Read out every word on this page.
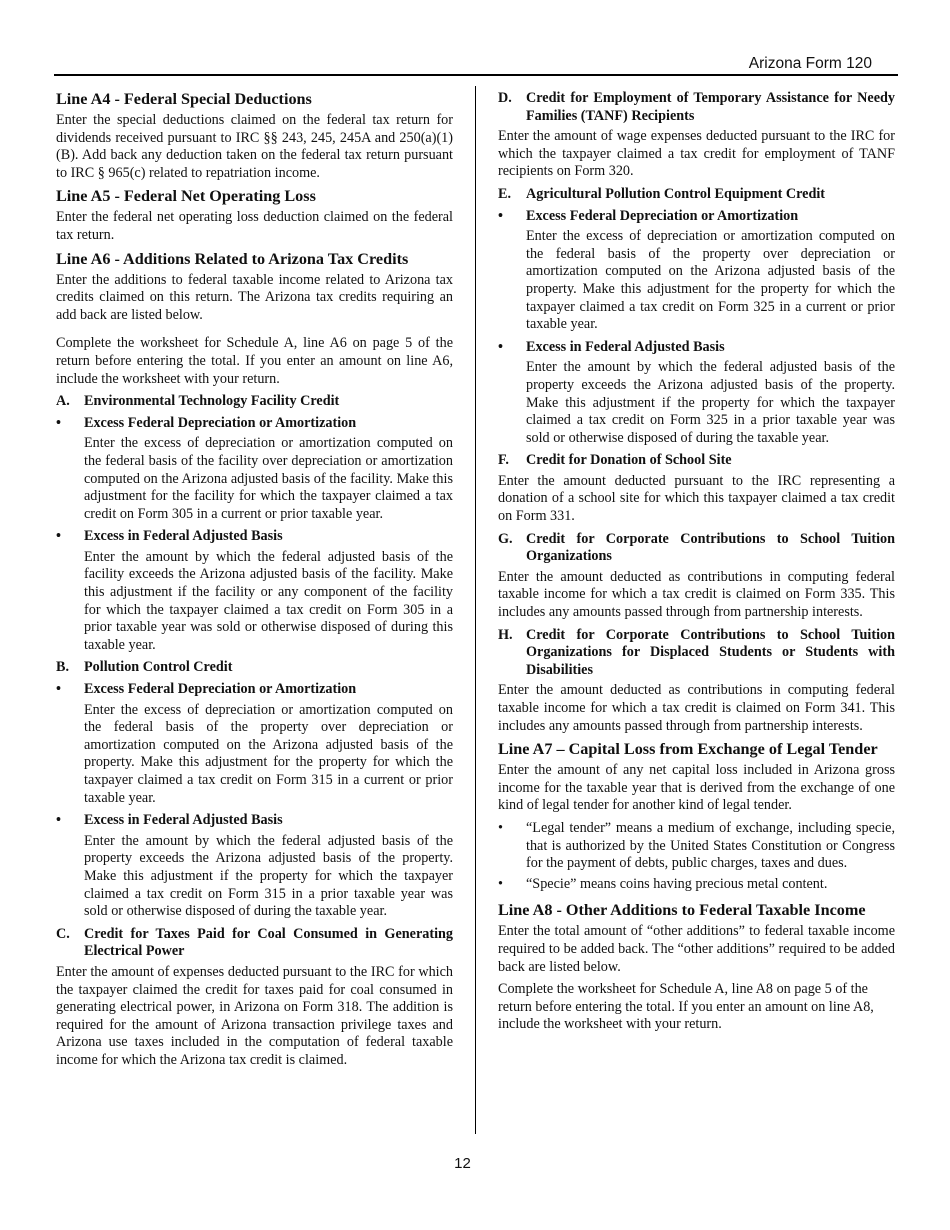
Arizona Form 120
Line A4 - Federal Special Deductions
Enter the special deductions claimed on the federal tax return for dividends received pursuant to IRC §§ 243, 245, 245A and 250(a)(1)(B). Add back any deduction taken on the federal tax return pursuant to IRC § 965(c) related to repatriation income.
Line A5 - Federal Net Operating Loss
Enter the federal net operating loss deduction claimed on the federal tax return.
Line A6 - Additions Related to Arizona Tax Credits
Enter the additions to federal taxable income related to Arizona tax credits claimed on this return. The Arizona tax credits requiring an add back are listed below.
Complete the worksheet for Schedule A, line A6 on page 5 of the return before entering the total. If you enter an amount on line A6, include the worksheet with your return.
A.	Environmental Technology Facility Credit
•	Excess Federal Depreciation or Amortization
Enter the excess of depreciation or amortization computed on the federal basis of the facility over depreciation or amortization computed on the Arizona adjusted basis of the facility. Make this adjustment for the facility for which the taxpayer claimed a tax credit on Form 305 in a current or prior taxable year.
•	Excess in Federal Adjusted Basis
Enter the amount by which the federal adjusted basis of the facility exceeds the Arizona adjusted basis of the facility. Make this adjustment if the facility or any component of the facility for which the taxpayer claimed a tax credit on Form 305 in a prior taxable year was sold or otherwise disposed of during this taxable year.
B.	Pollution Control Credit
•	Excess Federal Depreciation or Amortization
Enter the excess of depreciation or amortization computed on the federal basis of the property over depreciation or amortization computed on the Arizona adjusted basis of the property. Make this adjustment for the property for which the taxpayer claimed a tax credit on Form 315 in a current or prior taxable year.
•	Excess in Federal Adjusted Basis
Enter the amount by which the federal adjusted basis of the property exceeds the Arizona adjusted basis of the property. Make this adjustment if the property for which the taxpayer claimed a tax credit on Form 315 in a prior taxable year was sold or otherwise disposed of during the taxable year.
C.	Credit for Taxes Paid for Coal Consumed in Generating Electrical Power
Enter the amount of expenses deducted pursuant to the IRC for which the taxpayer claimed the credit for taxes paid for coal consumed in generating electrical power, in Arizona on Form 318. The addition is required for the amount of Arizona transaction privilege taxes and Arizona use taxes included in the computation of federal taxable income for which the Arizona tax credit is claimed.
D.	Credit for Employment of Temporary Assistance for Needy Families (TANF) Recipients
Enter the amount of wage expenses deducted pursuant to the IRC for which the taxpayer claimed a tax credit for employment of TANF recipients on Form 320.
E.	Agricultural Pollution Control Equipment Credit
•	Excess Federal Depreciation or Amortization
Enter the excess of depreciation or amortization computed on the federal basis of the property over depreciation or amortization computed on the Arizona adjusted basis of the property. Make this adjustment for the property for which the taxpayer claimed a tax credit on Form 325 in a current or prior taxable year.
•	Excess in Federal Adjusted Basis
Enter the amount by which the federal adjusted basis of the property exceeds the Arizona adjusted basis of the property. Make this adjustment if the property for which the taxpayer claimed a tax credit on Form 325 in a prior taxable year was sold or otherwise disposed of during the taxable year.
F.	Credit for Donation of School Site
Enter the amount deducted pursuant to the IRC representing a donation of a school site for which this taxpayer claimed a tax credit on Form 331.
G. Credit for Corporate Contributions to School Tuition Organizations
Enter the amount deducted as contributions in computing federal taxable income for which a tax credit is claimed on Form 335. This includes any amounts passed through from partnership interests.
H. Credit for Corporate Contributions to School Tuition Organizations for Displaced Students or Students with Disabilities
Enter the amount deducted as contributions in computing federal taxable income for which a tax credit is claimed on Form 341. This includes any amounts passed through from partnership interests.
Line A7 – Capital Loss from Exchange of Legal Tender
Enter the amount of any net capital loss included in Arizona gross income for the taxable year that is derived from the exchange of one kind of legal tender for another kind of legal tender.
•	“Legal tender” means a medium of exchange, including specie, that is authorized by the United States Constitution or Congress for the payment of debts, public charges, taxes and dues.
•	“Specie” means coins having precious metal content.
Line A8 - Other Additions to Federal Taxable Income
Enter the total amount of “other additions” to federal taxable income required to be added back. The “other additions” required to be added back are listed below.
Complete the worksheet for Schedule A, line A8 on page 5 of the return before entering the total. If you enter an amount on line A8, include the worksheet with your return.
12
